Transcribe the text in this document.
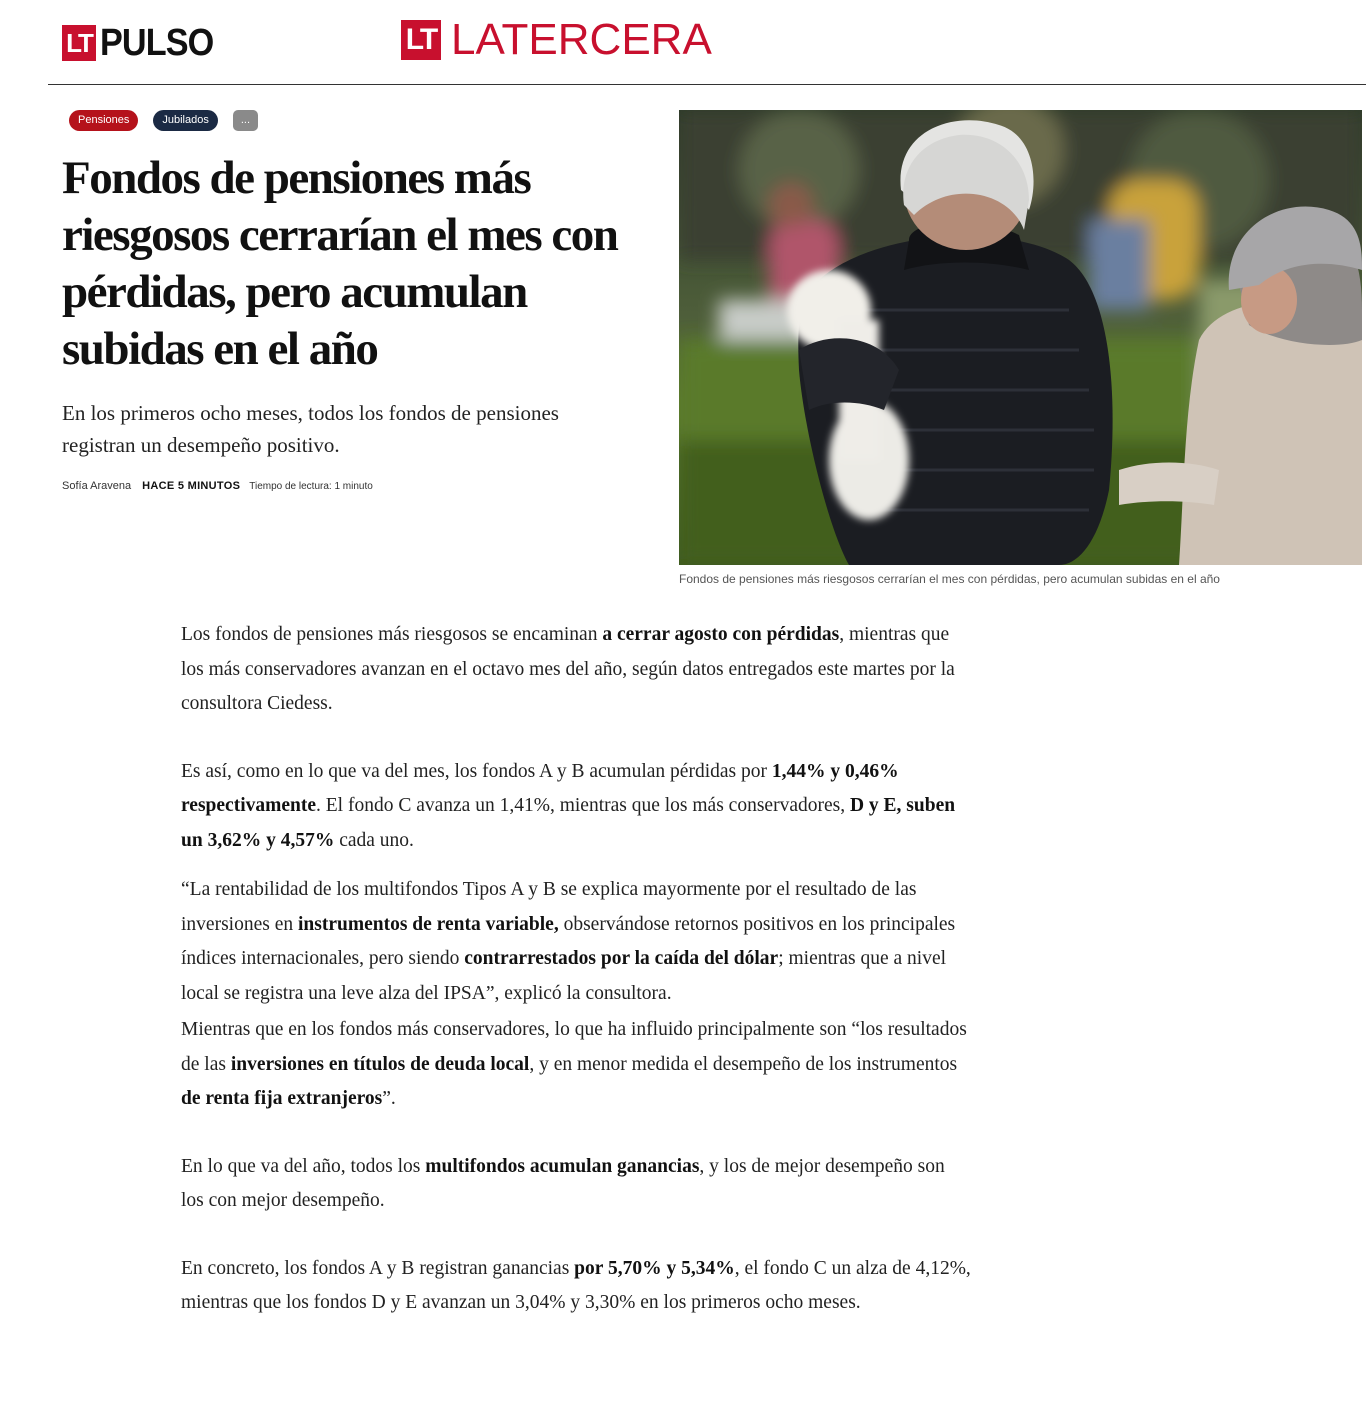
LT PULSO	LT LATERCERA
Pensiones	Jubilados	...
Fondos de pensiones más riesgosos cerrarían el mes con pérdidas, pero acumulan subidas en el año

En los primeros ocho meses, todos los fondos de pensiones registran un desempeño positivo.

Sofía Aravena HACE 5 MINUTOS Tiempo de lectura: 1 minuto
Fondos de pensiones más riesgosos cerrarían el mes con pérdidas, pero acumulan subidas en el año

Los fondos de pensiones más riesgosos se encaminan a cerrar agosto con pérdidas, mientras que los más conservadores avanzan en el octavo mes del año, según datos entregados este martes por la consultora Ciedess.

Es así, como en lo que va del mes, los fondos A y B acumulan pérdidas por 1,44% y 0,46% respectivamente. El fondo C avanza un 1,41%, mientras que los más conservadores, D y E, suben un 3,62% y 4,57% cada uno.

“La rentabilidad de los multifondos Tipos A y B se explica mayormente por el resultado de las inversiones en instrumentos de renta variable, observándose retornos positivos en los principales índices internacionales, pero siendo contrarrestados por la caída del dólar; mientras que a nivel local se registra una leve alza del IPSA”, explicó la consultora.

Mientras que en los fondos más conservadores, lo que ha influido principalmente son “los resultados de las inversiones en títulos de deuda local, y en menor medida el desempeño de los instrumentos de renta fija extranjeros”.

En lo que va del año, todos los multifondos acumulan ganancias, y los de mejor desempeño son los con mejor desempeño.

En concreto, los fondos A y B registran ganancias por 5,70% y 5,34%, el fondo C un alza de 4,12%, mientras que los fondos D y E avanzan un 3,04% y 3,30% en los primeros ocho meses.
